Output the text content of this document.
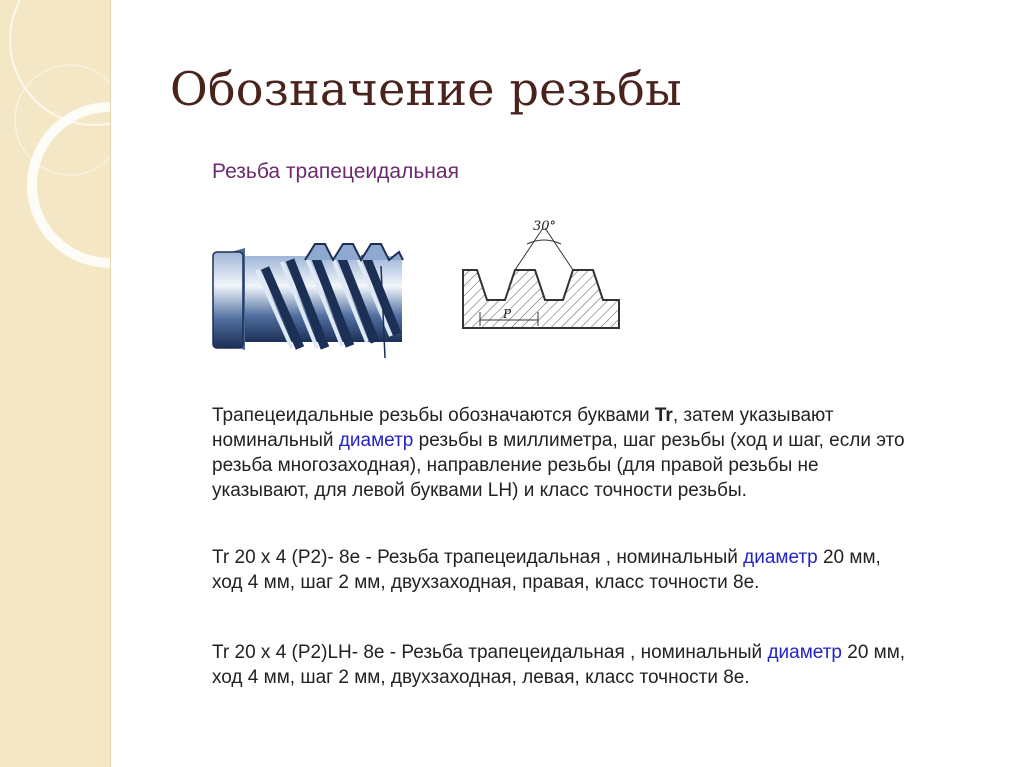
Обозначение резьбы
Резьба трапецеидальная
30°
P

Трапецеидальные резьбы обозначаются буквами Tr, затем указывают номинальный диаметр резьбы в миллиметра, шаг резьбы (ход и шаг, если это резьба многозаходная), направление резьбы (для правой резьбы не указывают, для левой буквами LH) и класс точности резьбы.

Tr 20 х 4 (P2)- 8е - Резьба трапецеидальная , номинальный диаметр 20 мм, ход 4 мм, шаг 2 мм, двухзаходная, правая, класс точности 8е.

Tr 20 х 4 (P2)LH- 8е - Резьба трапецеидальная , номинальный диаметр 20 мм, ход 4 мм, шаг 2 мм, двухзаходная, левая, класс точности 8е.
